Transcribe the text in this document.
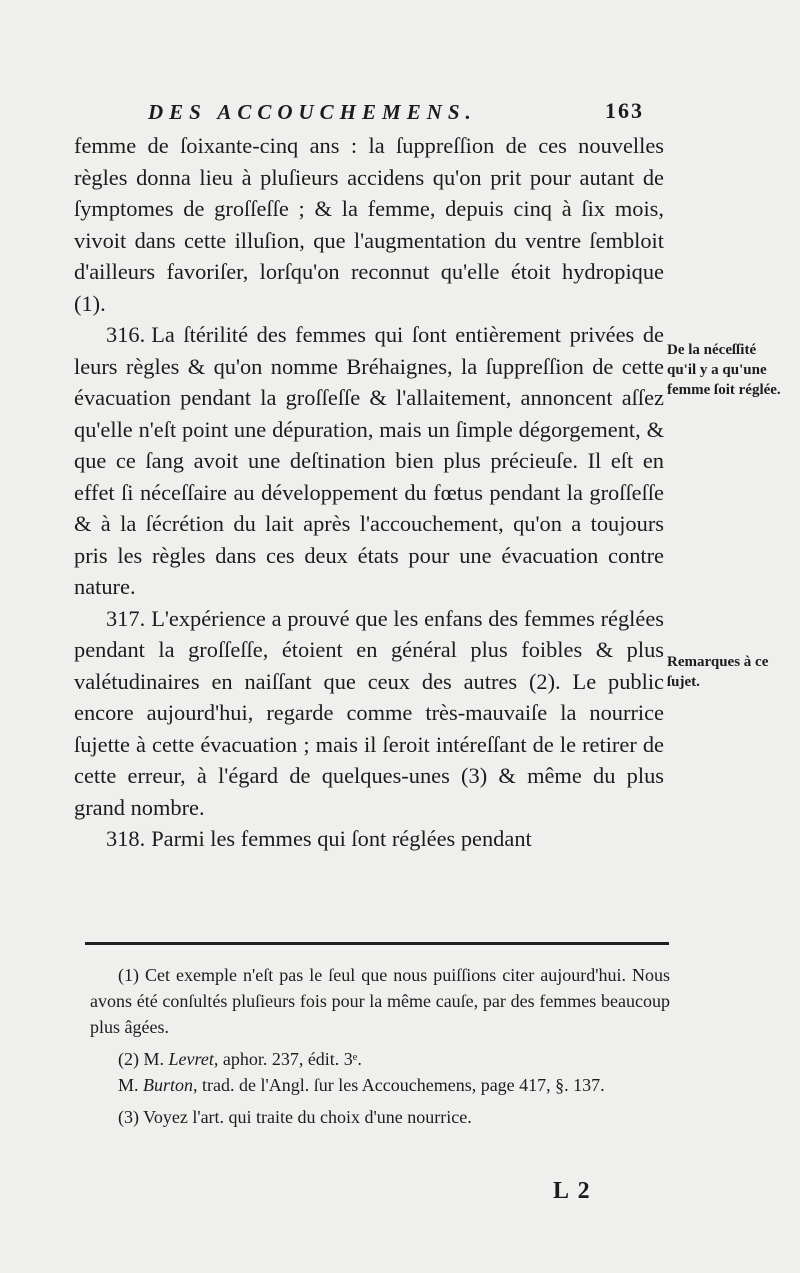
DES ACCOUCHEMENS.	163

femme de ſoixante-cinq ans : la ſuppreſſion de ces nouvelles règles donna lieu à pluſieurs accidens qu'on prit pour autant de ſymptomes de groſſeſſe ; & la femme, depuis cinq à ſix mois, vivoit dans cette illuſion, que l'augmentation du ventre ſembloit d'ailleurs favoriſer, lorſqu'on reconnut qu'elle étoit hydropique (1).

316. La ſtérilité des femmes qui ſont entièrement privées de leurs règles & qu'on nomme Bréhaignes, la ſuppreſſion de cette évacuation pendant la groſſeſſe & l'allaitement, annoncent aſſez qu'elle n'eſt point une dépuration, mais un ſimple dégorgement, & que ce ſang avoit une deſtination bien plus précieuſe. Il eſt en effet ſi néceſſaire au développement du fœtus pendant la groſſeſſe & à la ſécrétion du lait après l'accouchement, qu'on a toujours pris les règles dans ces deux états pour une évacuation contre nature.

317. L'expérience a prouvé que les enfans des femmes réglées pendant la groſſeſſe, étoient en général plus foibles & plus valétudinaires en naiſſant que ceux des autres (2). Le public encore aujourd'hui, regarde comme très-mauvaiſe la nourrice ſujette à cette évacuation ; mais il ſeroit intéreſſant de le retirer de cette erreur, à l'égard de quelques-unes (3) & même du plus grand nombre.

318. Parmi les femmes qui ſont réglées pendant

De la néceſſité qu'il y a qu'une femme ſoit réglée.
Remarques à ce ſujet.

(1) Cet exemple n'eſt pas le ſeul que nous puiſſions citer aujourd'hui. Nous avons été conſultés pluſieurs fois pour la même cauſe, par des femmes beaucoup plus âgées.

(2) M. Levret, aphor. 237, édit. 3ᵉ.

M. Burton, trad. de l'Angl. ſur les Accouchemens, page 417, §. 137.

(3) Voyez l'art. qui traite du choix d'une nourrice.

L 2
